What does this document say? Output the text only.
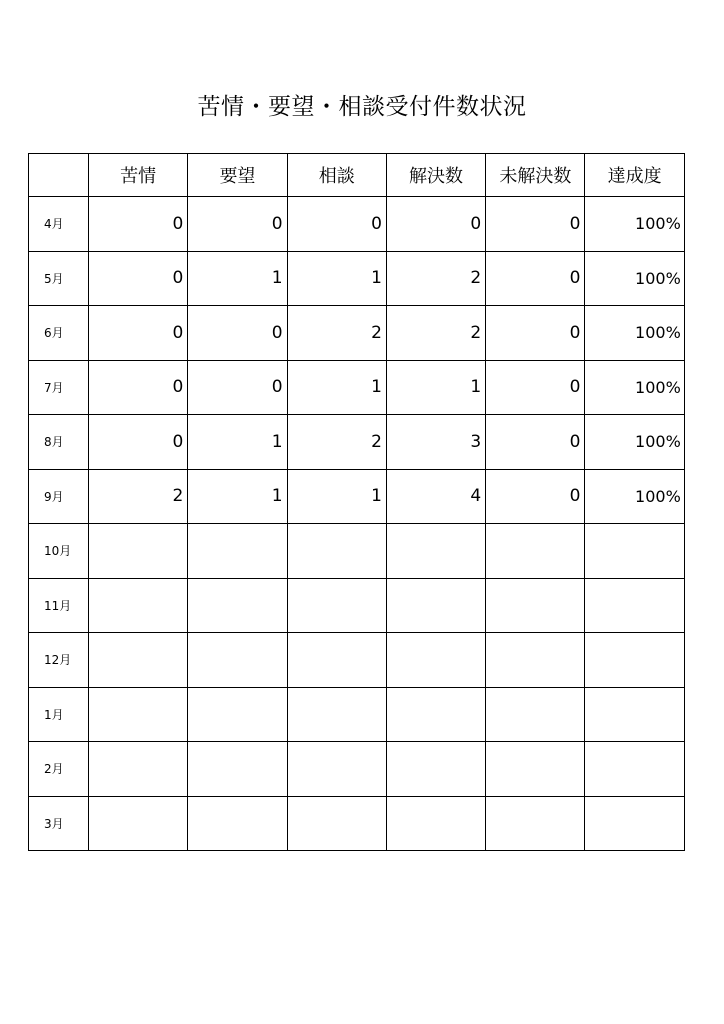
苦情・要望・相談受付件数状況
	苦情	要望	相談	解決数	未解決数	達成度
4月	0	0	0	0	0	100%
5月	0	1	1	2	0	100%
6月	0	0	2	2	0	100%
7月	0	0	1	1	0	100%
8月	0	1	2	3	0	100%
9月	2	1	1	4	0	100%
10月						
11月						
12月						
1月						
2月						
3月						
